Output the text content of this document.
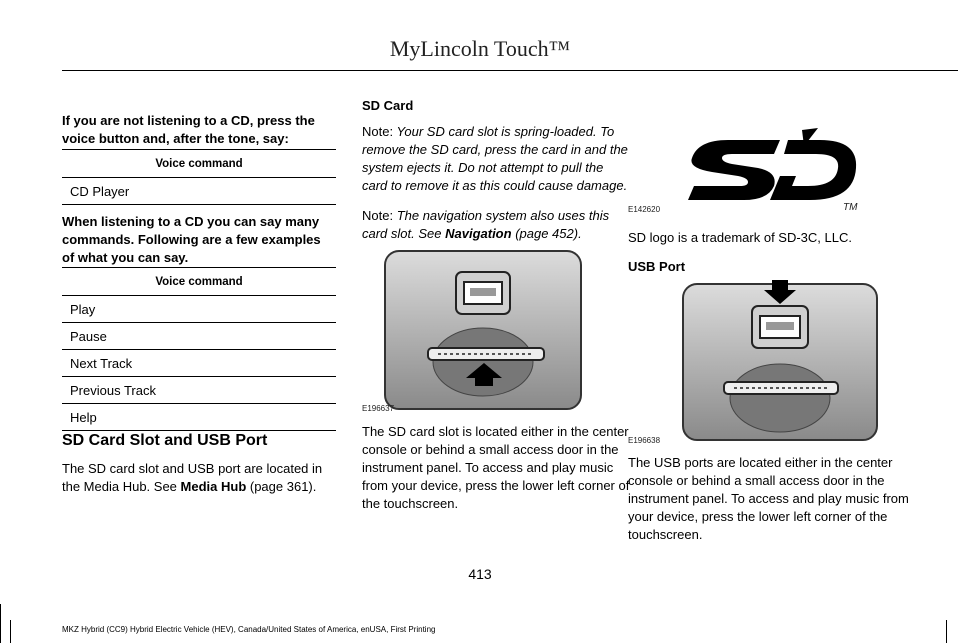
MyLincoln Touch™

If you are not listening to a CD, press the voice button and, after the tone, say:

Voice command
CD Player

When listening to a CD you can say many commands. Following are a few examples of what you can say.

Voice command
Play
Pause
Next Track
Previous Track
Help

SD Card Slot and USB Port

The SD card slot and USB port are located in the Media Hub. See Media Hub (page 361).

SD Card

Note: Your SD card slot is spring-loaded. To remove the SD card, press the card in and the system ejects it. Do not attempt to pull the card to remove it as this could cause damage.

Note: The navigation system also uses this card slot. See Navigation (page 452).

E196637

The SD card slot is located either in the center console or behind a small access door in the instrument panel. To access and play music from your device, press the lower left corner of the touchscreen.

TM
E142620

SD logo is a trademark of SD-3C, LLC.

USB Port

E196638

The USB ports are located either in the center console or behind a small access door in the instrument panel. To access and play music from your device, press the lower left corner of the touchscreen.

413
MKZ Hybrid (CC9) Hybrid Electric Vehicle (HEV), Canada/United States of America, enUSA, First Printing
